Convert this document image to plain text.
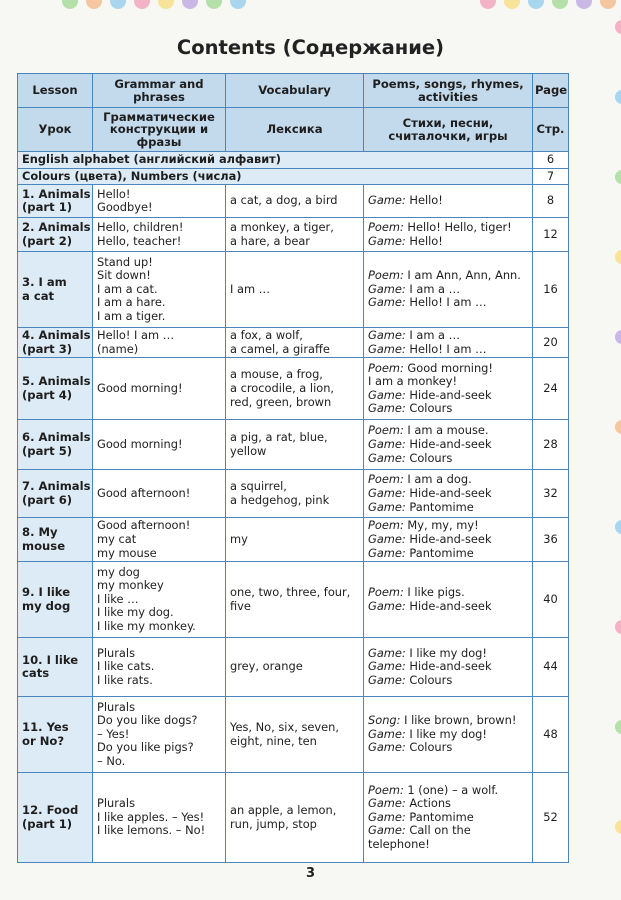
Contents (Содержание)
Lesson	Grammar and phrases	Vocabulary	Poems, songs, rhymes, activities	Page
Урок	Грамматические конструкции и фразы	Лексика	Стихи, песни, считалочки, игры	Стр.
English alphabet (английский алфавит)				6
Colours (цвета), Numbers (числа)				7

1. Animals
(part 1)	Hello!
Goodbye!	a cat, a dog, a bird	Game: Hello!	8

2. Animals
(part 2)	Hello, children!
Hello, teacher!	a monkey, a tiger,
a hare, a bear	Poem: Hello! Hello, tiger!
Game: Hello!	12

3. I am
a cat	Stand up!
Sit down!
I am a cat.
I am a hare.
I am a tiger.	I am …	Poem: I am Ann, Ann, Ann.
Game: I am a …
Game: Hello! I am …	16

4. Animals
(part 3)	Hello! I am …
(name)	a fox, a wolf,
a camel, a giraffe	Game: I am a …
Game: Hello! I am …	20

5. Animals
(part 4)	Good morning!	a mouse, a frog,
a crocodile, a lion,
red, green, brown	Poem: Good morning!
I am a monkey!
Game: Hide-and-seek
Game: Colours	24

6. Animals
(part 5)	Good morning!	a pig, a rat, blue,
yellow	Poem: I am a mouse.
Game: Hide-and-seek
Game: Colours	28

7. Animals
(part 6)	Good afternoon!	a squirrel,
a hedgehog, pink	Poem: I am a dog.
Game: Hide-and-seek
Game: Pantomime	32

8. My
mouse	Good afternoon!
my cat
my mouse	my	Poem: My, my, my!
Game: Hide-and-seek
Game: Pantomime	36

9. I like
my dog	my dog
my monkey
I like …
I like my dog.
I like my monkey.	one, two, three, four,
five	Poem: I like pigs.
Game: Hide-and-seek	40

10. I like
cats	Plurals
I like cats.
I like rats.	grey, orange	Game: I like my dog!
Game: Hide-and-seek
Game: Colours	44

11. Yes
or No?	Plurals
Do you like dogs?
– Yes!
Do you like pigs?
– No.	Yes, No, six, seven,
eight, nine, ten	Song: I like brown, brown!
Game: I like my dog!
Game: Colours	48

12. Food
(part 1)	Plurals
I like apples. – Yes!
I like lemons. – No!	an apple, a lemon,
run, jump, stop	Poem: 1 (one) – a wolf.
Game: Actions
Game: Pantomime
Game: Call on the
telephone!	52
3
